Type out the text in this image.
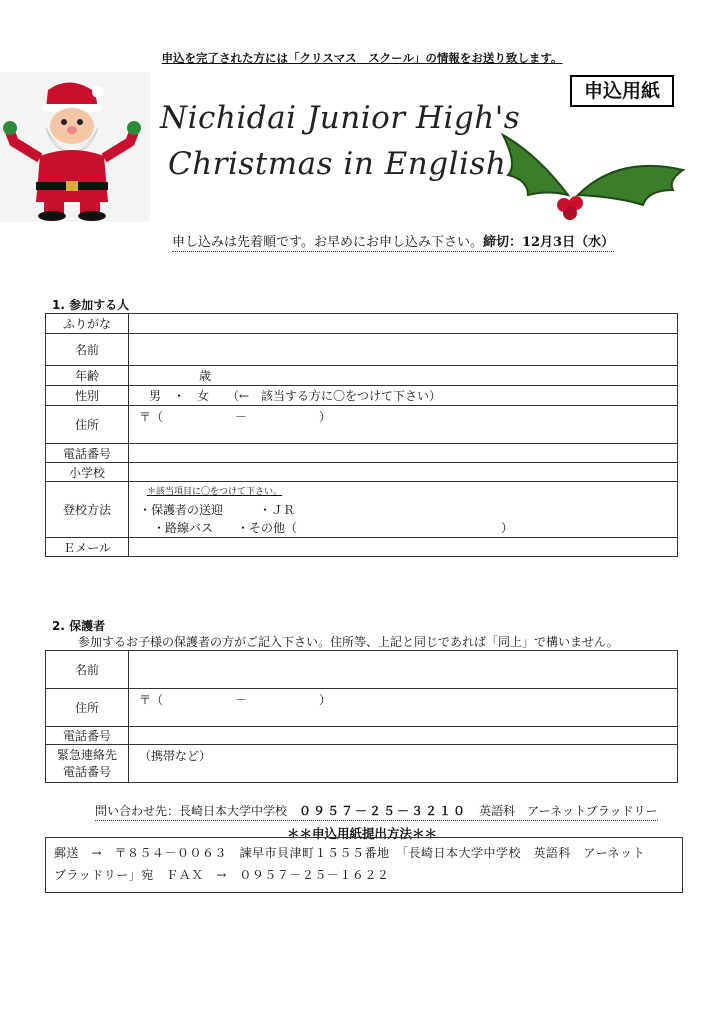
申込を完了された方には「クリスマス　スクール」の情報をお送り致します。
申込用紙
Nichidai Junior High's
Christmas in English
申し込みは先着順です。お早めにお申し込み下さい。締切：12月3日（水）
1. 参加する人
ふりがな	
名前	
年齢	歳
性別	男　・　女　　（←　該当する方に〇をつけて下さい）
住所	〒（　　　　　　－　　　　　　）
電話番号	
小学校	
登校方法	＊該当項目に〇をつけて下さい。
・保護者の送迎　　　・ＪＲ
・路線バス　　・その他（　　　　　　　　　　　　　　　　　）

Ｅメール	
2. 保護者
参加するお子様の保護者の方がご記入下さい。住所等、上記と同じであれば「同上」で構いません。
名前	
住所	〒（　　　　　　－　　　　　　）
電話番号	

緊急連絡先
電話番号	（携帯など）
問い合わせ先：長崎日本大学中学校　 ０９５７－２５－３２１０　 英語科　アーネットブラッドリー
＊＊申込用紙提出方法＊＊
郵送　→　〒８５４－００６３　諫早市貝津町１５５５番地　「長崎日本大学中学校　英語科　アーネット
ブラッドリー」宛　ＦＡＸ　→　０９５７－２５－１６２２
